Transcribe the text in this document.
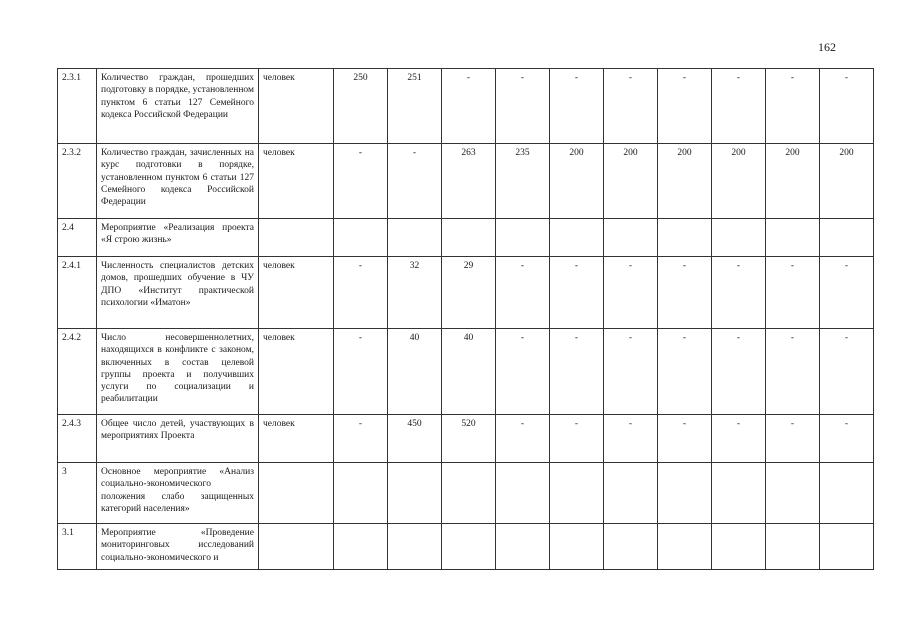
162
2.3.1	Количество граждан, прошедших подготовку в порядке, установленном пунктом 6 статьи 127 Семейного кодекса Российской Федерации	человек	250	251	-	-	-	-	-	-	-	-
2.3.2	Количество граждан, зачисленных на курс подготовки в порядке, установленном пунктом 6 статьи 127 Семейного кодекса Российской Федерации	человек	-	-	263	235	200	200	200	200	200	200
2.4	Мероприятие «Реализация проекта «Я строю жизнь»											
2.4.1	Численность специалистов детских домов, прошедших обучение в ЧУ ДПО «Институт практической психологии «Иматон»	человек	-	32	29	-	-	-	-	-	-	-
2.4.2	Число несовершеннолетних, находящихся в конфликте с законом, включенных в состав целевой группы проекта и получивших услуги по социализации и реабилитации	человек	-	40	40	-	-	-	-	-	-	-
2.4.3	Общее число детей, участвующих в мероприятиях Проекта	человек	-	450	520	-	-	-	-	-	-	-
3	Основное мероприятие «Анализ социально-экономического положения слабо защищенных категорий населения»											
3.1	Мероприятие «Проведение мониторинговых исследований социально-экономического и											
